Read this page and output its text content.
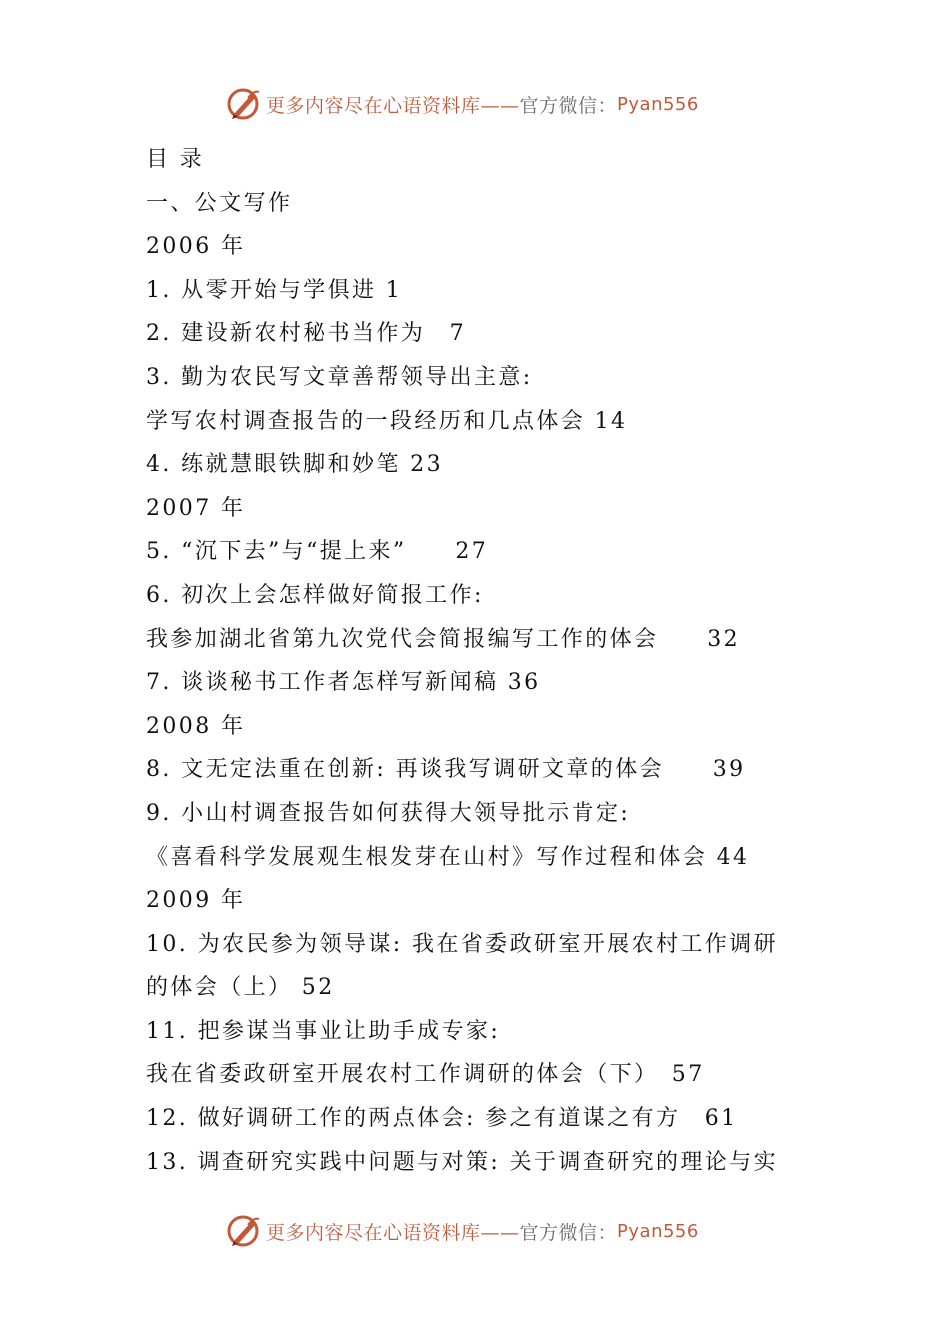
更多内容尽在心语资料库—— 官方微信： Pyan556
目 录
一、公文写作
2006 年
1. 从零开始与学俱进 1
2. 建设新农村秘书当作为　7
3. 勤为农民写文章善帮领导出主意:
学写农村调查报告的一段经历和几点体会 14
4. 练就慧眼铁脚和妙笔 23
2007 年
5. “沉下去”与“提上来”　　27
6. 初次上会怎样做好简报工作:
我参加湖北省第九次党代会简报编写工作的体会　　32
7. 谈谈秘书工作者怎样写新闻稿 36
2008 年
8. 文无定法重在创新: 再谈我写调研文章的体会　　39
9. 小山村调查报告如何获得大领导批示肯定:
《喜看科学发展观生根发芽在山村》写作过程和体会 44
2009 年
10. 为农民参为领导谋: 我在省委政研室开展农村工作调研
的体会（上） 52
11. 把参谋当事业让助手成专家:
我在省委政研室开展农村工作调研的体会（下）　57
12. 做好调研工作的两点体会: 参之有道谋之有方　61
13. 调查研究实践中问题与对策: 关于调查研究的理论与实
更多内容尽在心语资料库—— 官方微信： Pyan556
